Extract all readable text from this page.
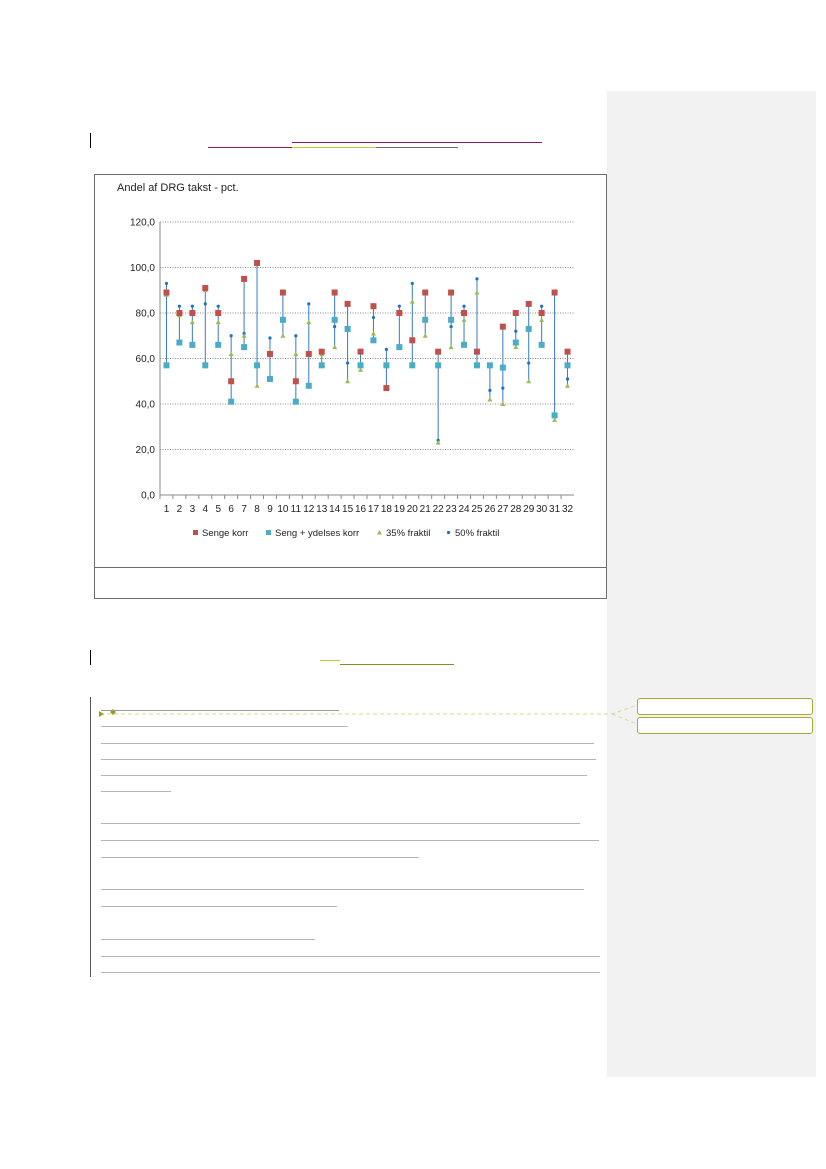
Andel af DRG takst - pct.
0,0
20,0
40,0
60,0
80,0
100,0
120,0
1 2 3 4 5 6 7 8 9 10 11 12 13 14 15 16 17 18 19 20 21 22 23 24 25 26 27 28 29 30 31 32
Senge korr	Seng + ydelses korr	35% fraktil	50% fraktil
